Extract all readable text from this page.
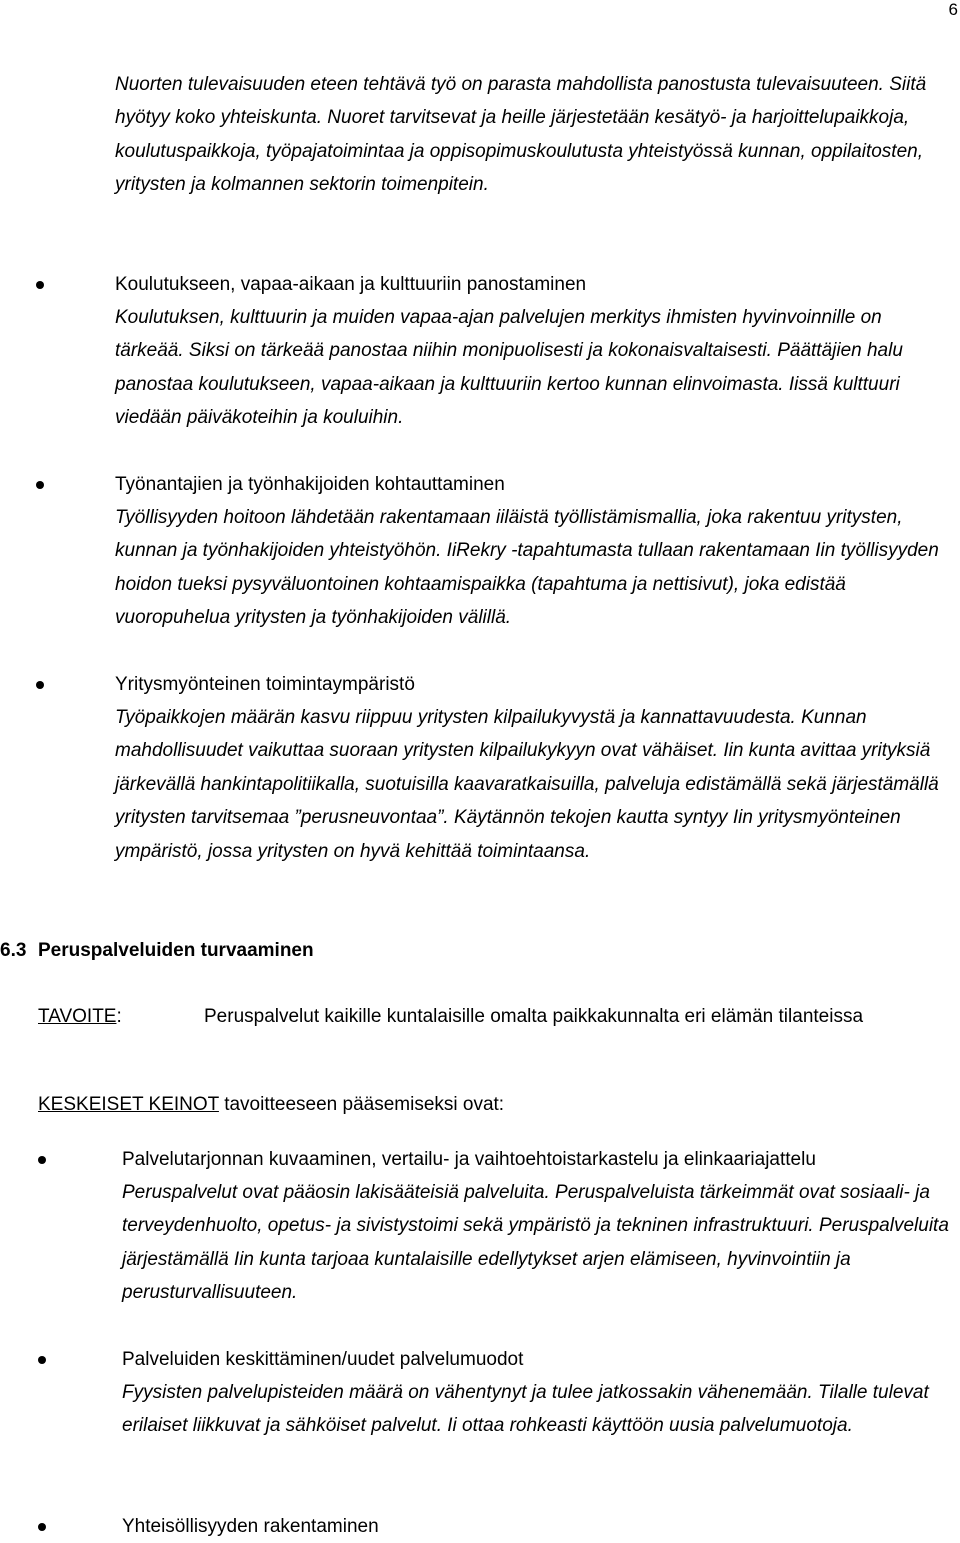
6
Nuorten tulevaisuuden eteen tehtävä työ on parasta mahdollista panostusta tulevaisuuteen. Siitä hyötyy koko yhteiskunta. Nuoret tarvitsevat ja heille järjestetään kesätyö- ja harjoittelupaikkoja, koulutuspaikkoja, työpajatoimintaa ja oppisopimuskoulutusta yhteistyössä kunnan, oppilaitosten, yritysten ja kolmannen sektorin toimenpitein.
Koulutukseen, vapaa-aikaan ja kulttuuriin panostaminen
Koulutuksen, kulttuurin ja muiden vapaa-ajan palvelujen merkitys ihmisten hyvinvoinnille on tärkeää. Siksi on tärkeää panostaa niihin monipuolisesti ja kokonaisvaltaisesti. Päättäjien halu panostaa koulutukseen, vapaa-aikaan ja kulttuuriin kertoo kunnan elinvoimasta. Iissä kulttuuri viedään päiväkoteihin ja kouluihin.
Työnantajien ja työnhakijoiden kohtauttaminen
Työllisyyden hoitoon lähdetään rakentamaan iiläistä työllistämismallia, joka rakentuu yritysten, kunnan ja työnhakijoiden yhteistyöhön. IiRekry -tapahtumasta tullaan rakentamaan Iin työllisyyden hoidon tueksi pysyväluontoinen kohtaamispaikka (tapahtuma ja nettisivut), joka edistää vuoropuhelua yritysten ja työnhakijoiden välillä.
Yritysmyönteinen toimintaympäristö
Työpaikkojen määrän kasvu riippuu yritysten kilpailukyvystä ja kannattavuudesta. Kunnan mahdollisuudet vaikuttaa suoraan yritysten kilpailukykyyn ovat vähäiset. Iin kunta avittaa yrityksiä järkevällä hankintapolitiikalla, suotuisilla kaavaratkaisuilla, palveluja edistämällä sekä järjestämällä yritysten tarvitsemaa ”perusneuvontaa”. Käytännön tekojen kautta syntyy Iin yritysmyönteinen ympäristö, jossa yritysten on hyvä kehittää toimintaansa.
6.3 Peruspalveluiden turvaaminen
TAVOITE:	Peruspalvelut kaikille kuntalaisille omalta paikkakunnalta eri elämän tilanteissa
KESKEISET KEINOT tavoitteeseen pääsemiseksi ovat:
Palvelutarjonnan kuvaaminen, vertailu- ja vaihtoehtoistarkastelu ja elinkaariajattelu
Peruspalvelut ovat pääosin lakisääteisiä palveluita. Peruspalveluista tärkeimmät ovat sosiaali- ja terveydenhuolto, opetus- ja sivistystoimi sekä ympäristö ja tekninen infrastruktuuri. Peruspalveluita järjestämällä Iin kunta tarjoaa kuntalaisille edellytykset arjen elämiseen, hyvinvointiin ja perusturvallisuuteen.
Palveluiden keskittäminen/uudet palvelumuodot
Fyysisten palvelupisteiden määrä on vähentynyt ja tulee jatkossakin vähenemään. Tilalle tulevat erilaiset liikkuvat ja sähköiset palvelut. Ii ottaa rohkeasti käyttöön uusia palvelumuotoja.
Yhteisöllisyyden rakentaminen
